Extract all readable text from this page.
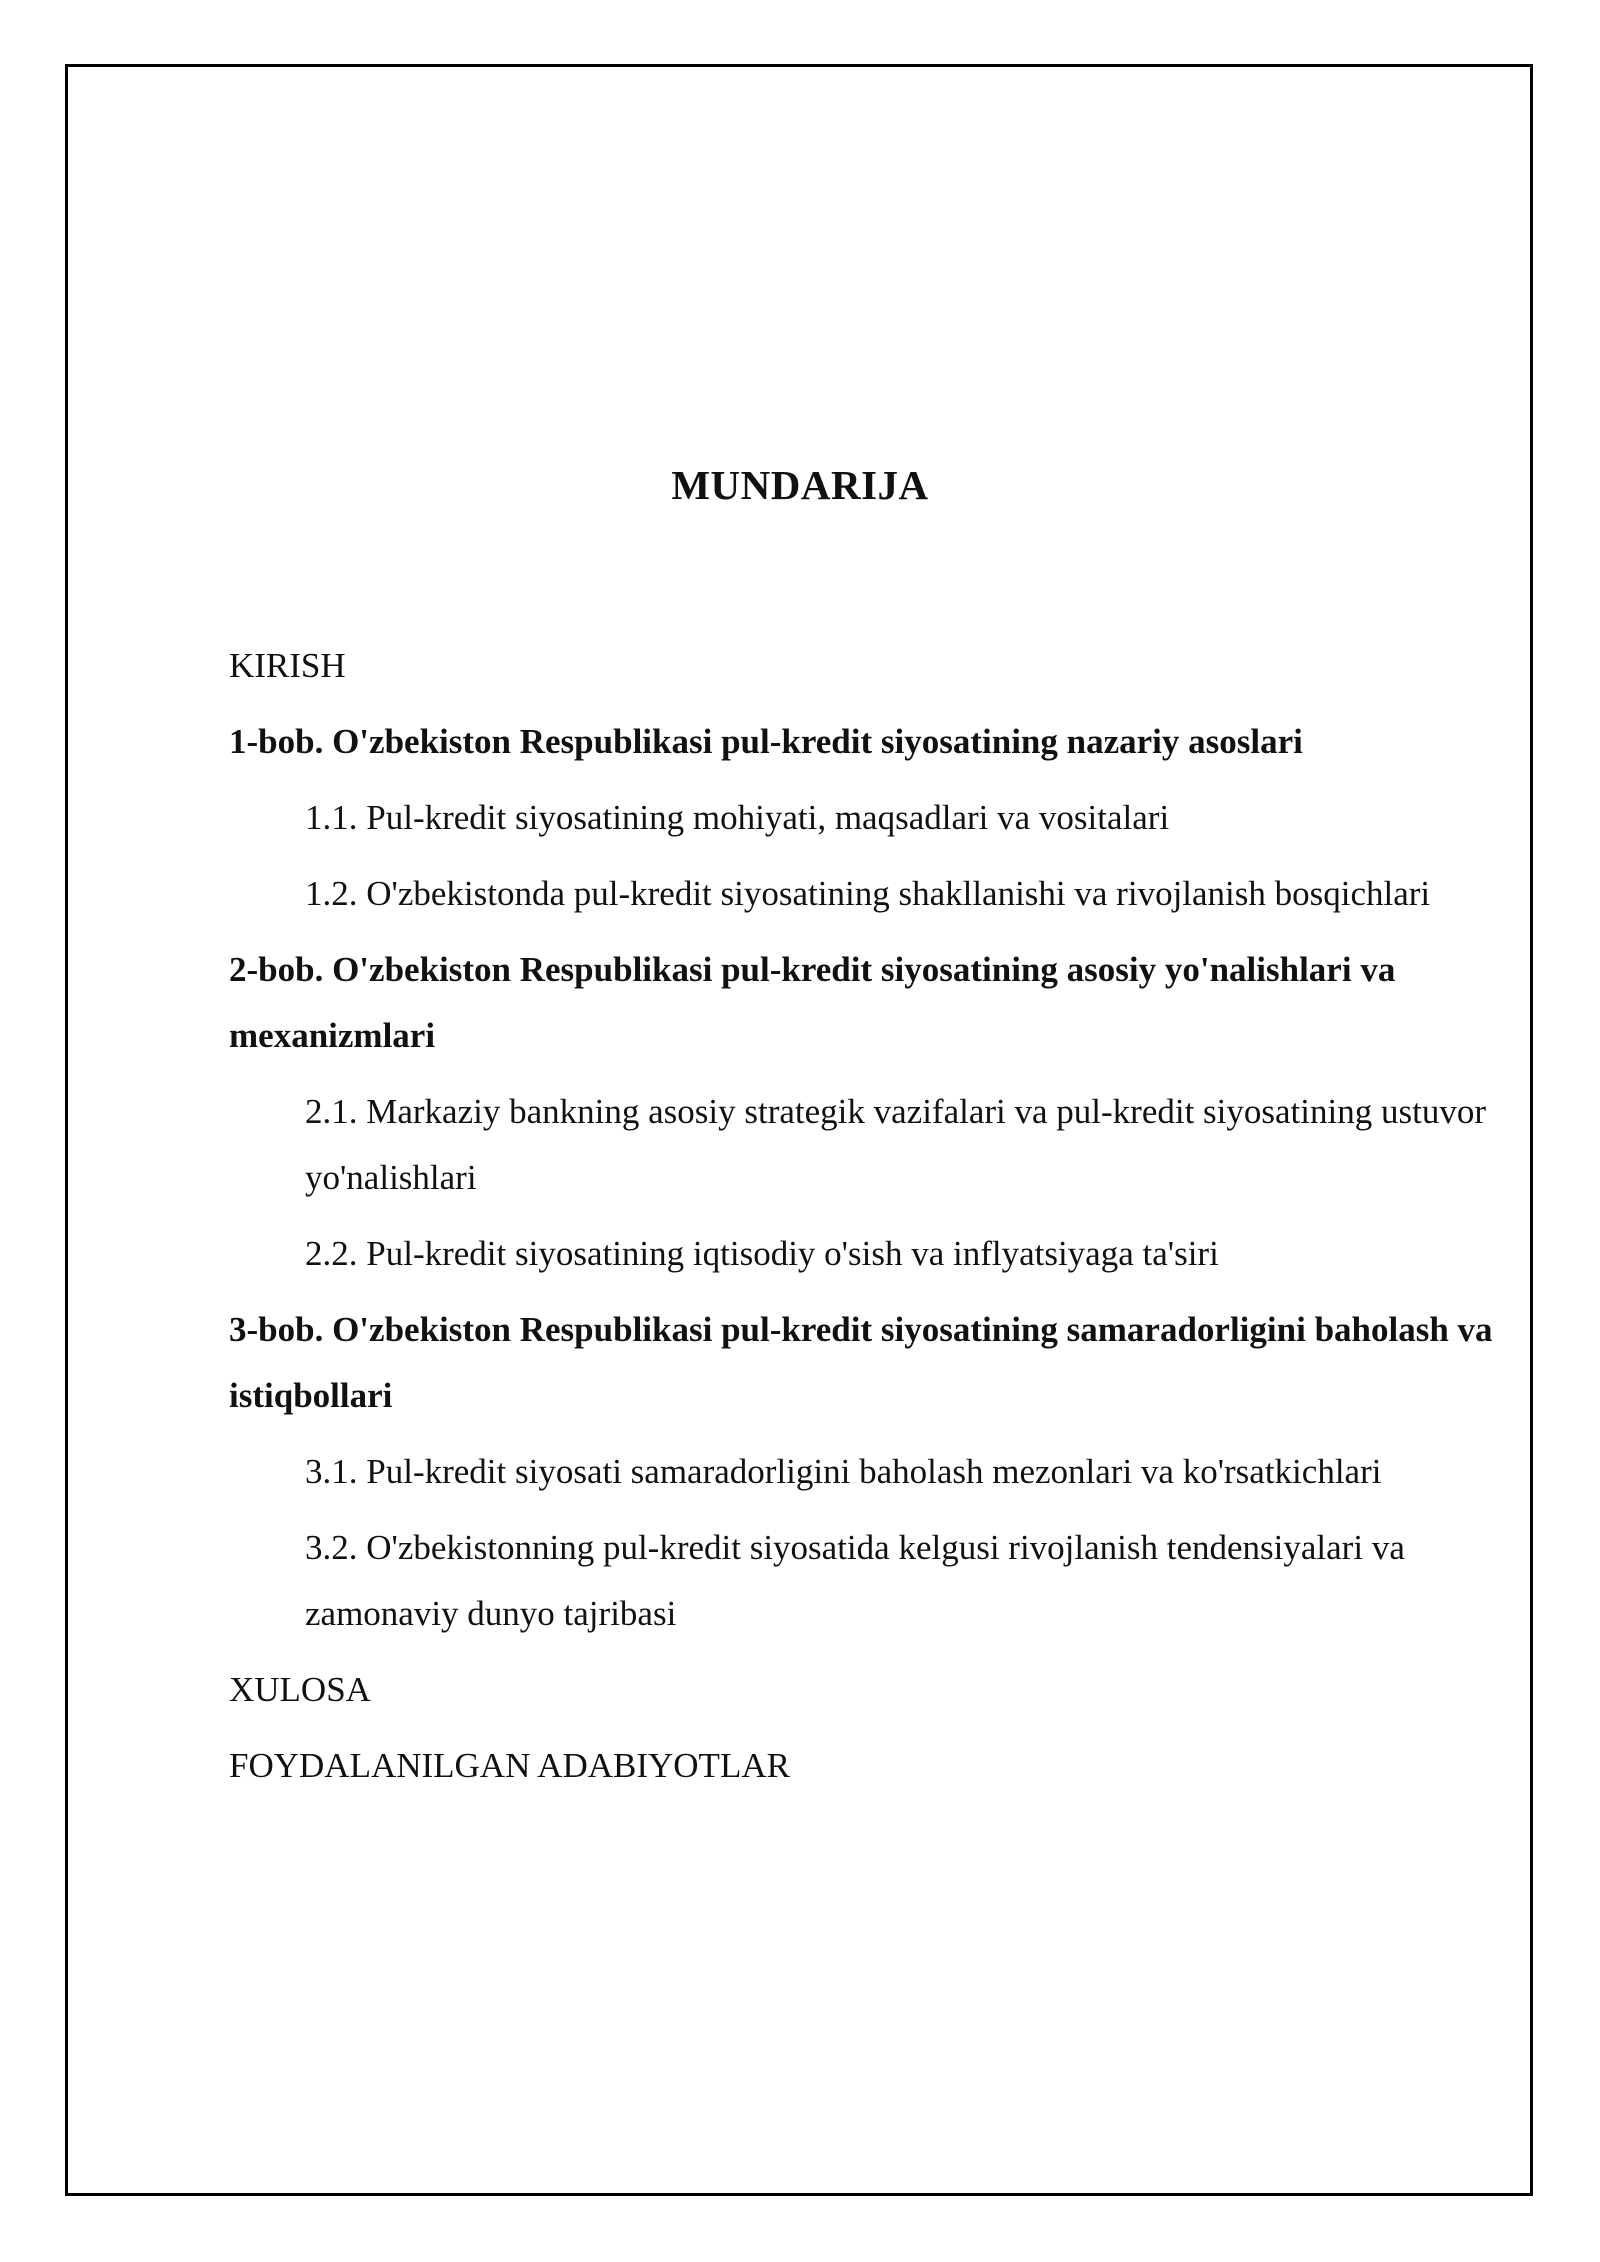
MUNDARIJA

KIRISH

1-bob. O'zbekiston Respublikasi pul-kredit siyosatining nazariy asoslari

1.1. Pul-kredit siyosatining mohiyati, maqsadlari va vositalari

1.2. O'zbekistonda pul-kredit siyosatining shakllanishi va rivojlanish bosqichlari

2-bob. O'zbekiston Respublikasi pul-kredit siyosatining asosiy yo'nalishlari va mexanizmlari

2.1. Markaziy bankning asosiy strategik vazifalari va pul-kredit siyosatining ustuvor yo'nalishlari

2.2. Pul-kredit siyosatining iqtisodiy o'sish va inflyatsiyaga ta'siri

3-bob. O'zbekiston Respublikasi pul-kredit siyosatining samaradorligini baholash va istiqbollari

3.1. Pul-kredit siyosati samaradorligini baholash mezonlari va ko'rsatkichlari

3.2. O'zbekistonning pul-kredit siyosatida kelgusi rivojlanish tendensiyalari va zamonaviy dunyo tajribasi

XULOSA

FOYDALANILGAN ADABIYOTLAR
